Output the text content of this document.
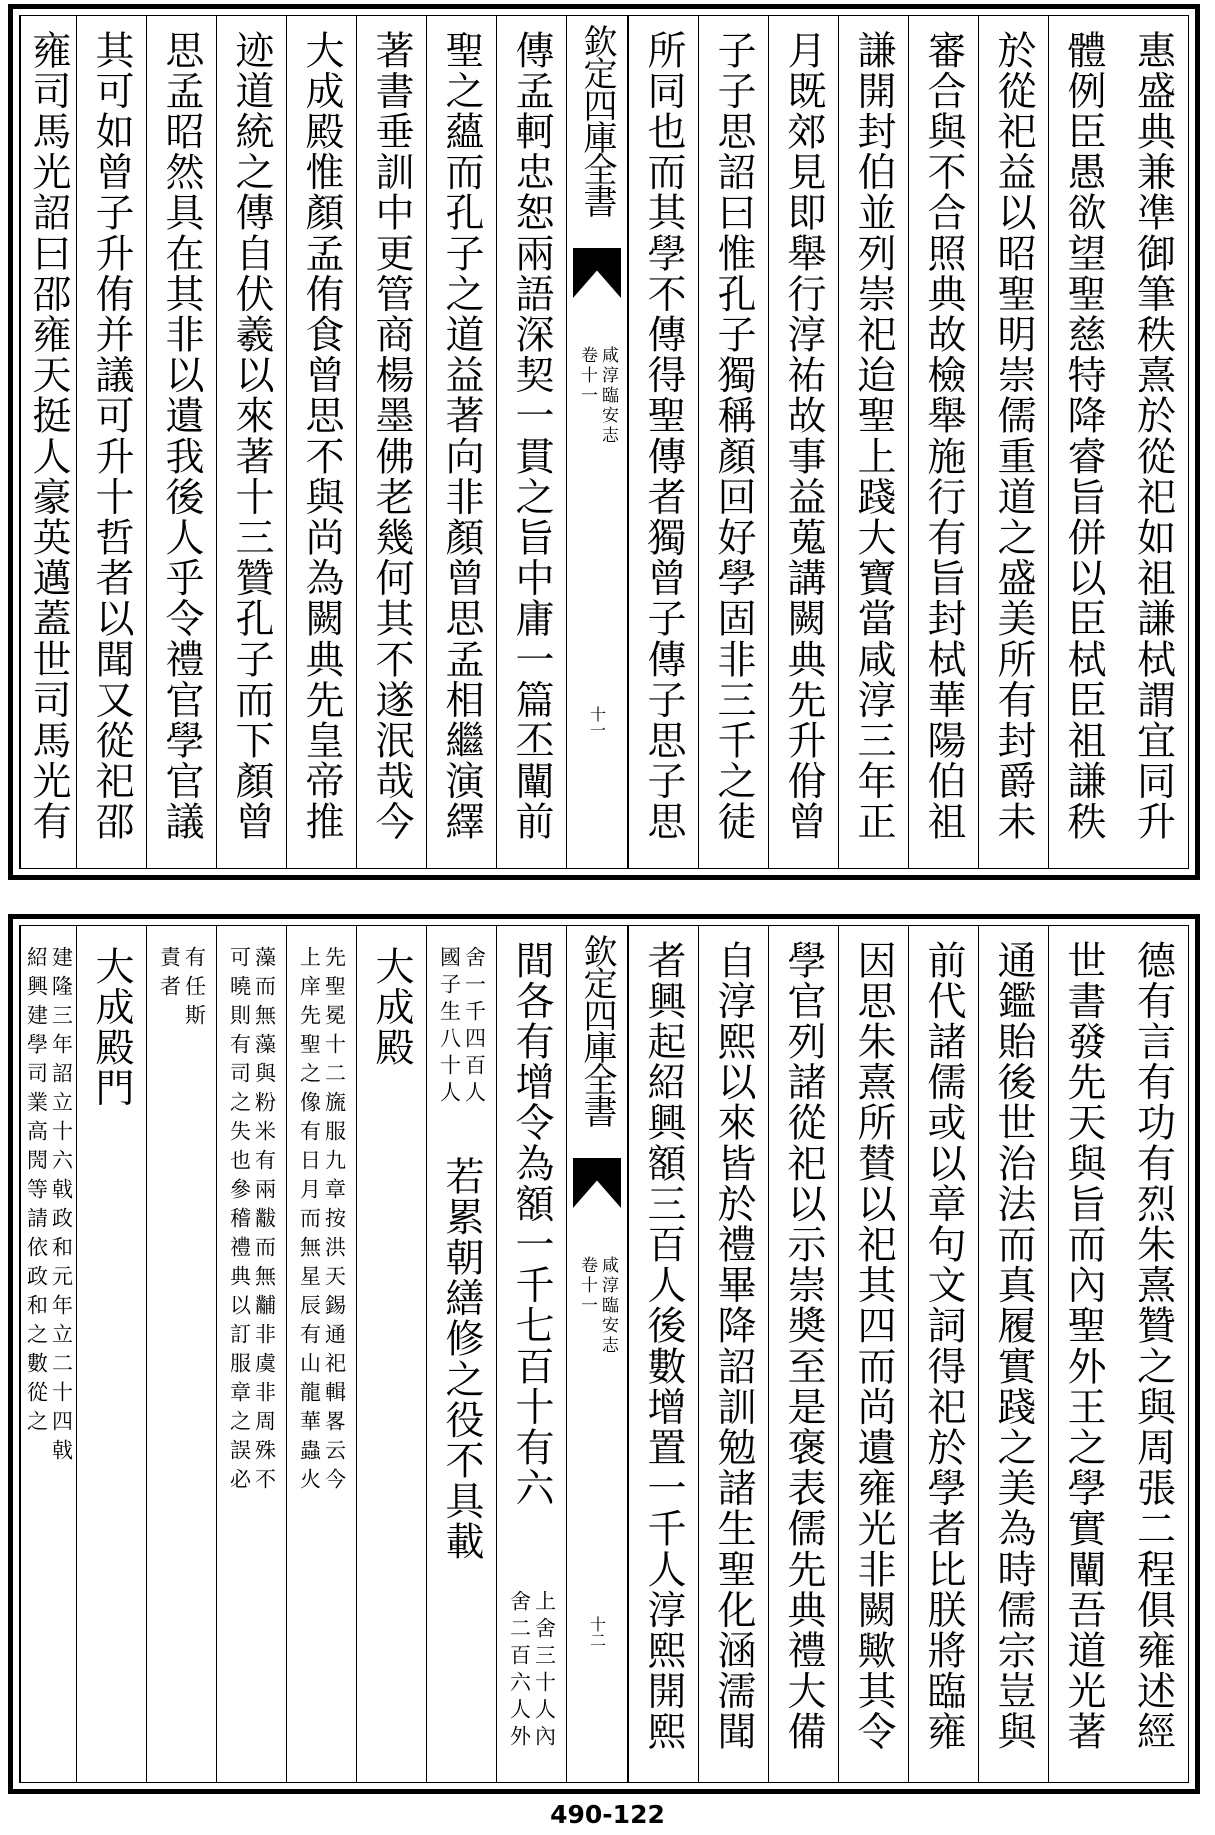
惠盛典兼凖御筆秩熹於從祀如祖謙栻謂宜同升
體例臣愚欲望聖慈特降睿旨併以臣栻臣祖謙秩
於從祀益以昭聖明崇儒重道之盛美所有封爵未
審合與不合照典故檢舉施行有旨封栻華陽伯祖
謙開封伯並列崇祀迨聖上踐大寶當咸淳三年正
月既郊見即舉行淳祐故事益蒐講闕典先升佾曾
子子思詔曰惟孔子獨稱顏回好學固非三千之徒
所同也而其學不傳得聖傳者獨曾子傳子思子思
欽定四庫全書
咸淳臨安志
卷十一
十一
傳孟軻忠恕兩語深契一貫之旨中庸一篇丕闡前
聖之蘊而孔子之道益著向非顏曾思孟相繼演繹
著書垂訓中更管商楊墨佛老幾何其不遂泯哉今
大成殿惟顏孟侑食曾思不與尚為闕典先皇帝推
迹道統之傳自伏羲以來著十三贊孔子而下顏曾
思孟昭然具在其非以遺我後人乎令禮官學官議
其可如曾子升侑并議可升十哲者以聞又從祀邵
雍司馬光詔曰邵雍天挺人豪英邁蓋世司馬光有
德有言有功有烈朱熹贊之與周張二程俱雍述經
世書發先天與旨而內聖外王之學實闡吾道光著
通鑑貽後世治法而真履實踐之美為時儒宗豈與
前代諸儒或以章句文詞得祀於學者比朕將臨雍
因思朱熹所賛以祀其四而尚遺雍光非闕歟其令
學官列諸從祀以示崇奬至是褒表儒先典禮大備
自淳熙以來皆於禮畢降詔訓勉諸生聖化涵濡聞
者興起紹興額三百人後數增置一千人淳熙開熙
欽定四庫全書
咸淳臨安志
卷十一
十二
間各有增令為額一千七百十有六
上舍三十人內
舍二百六人外
舍一千四百人
國子生八十人
若累朝繕修之役不具載
大成殿
先聖冕十二旒服九章按洪天錫通祀輯畧云今
上庠先聖之像有日月而無星辰有山龍華蟲火
藻而無藻與粉米有兩黻而無黼非虞非周殊不
可曉則有司之失也參稽禮典以訂服章之誤必
有任斯
責者
大成殿門
建隆三年詔立十六戟政和元年立二十四戟
紹興建學司業高閌等請依政和之數從之
490-122
